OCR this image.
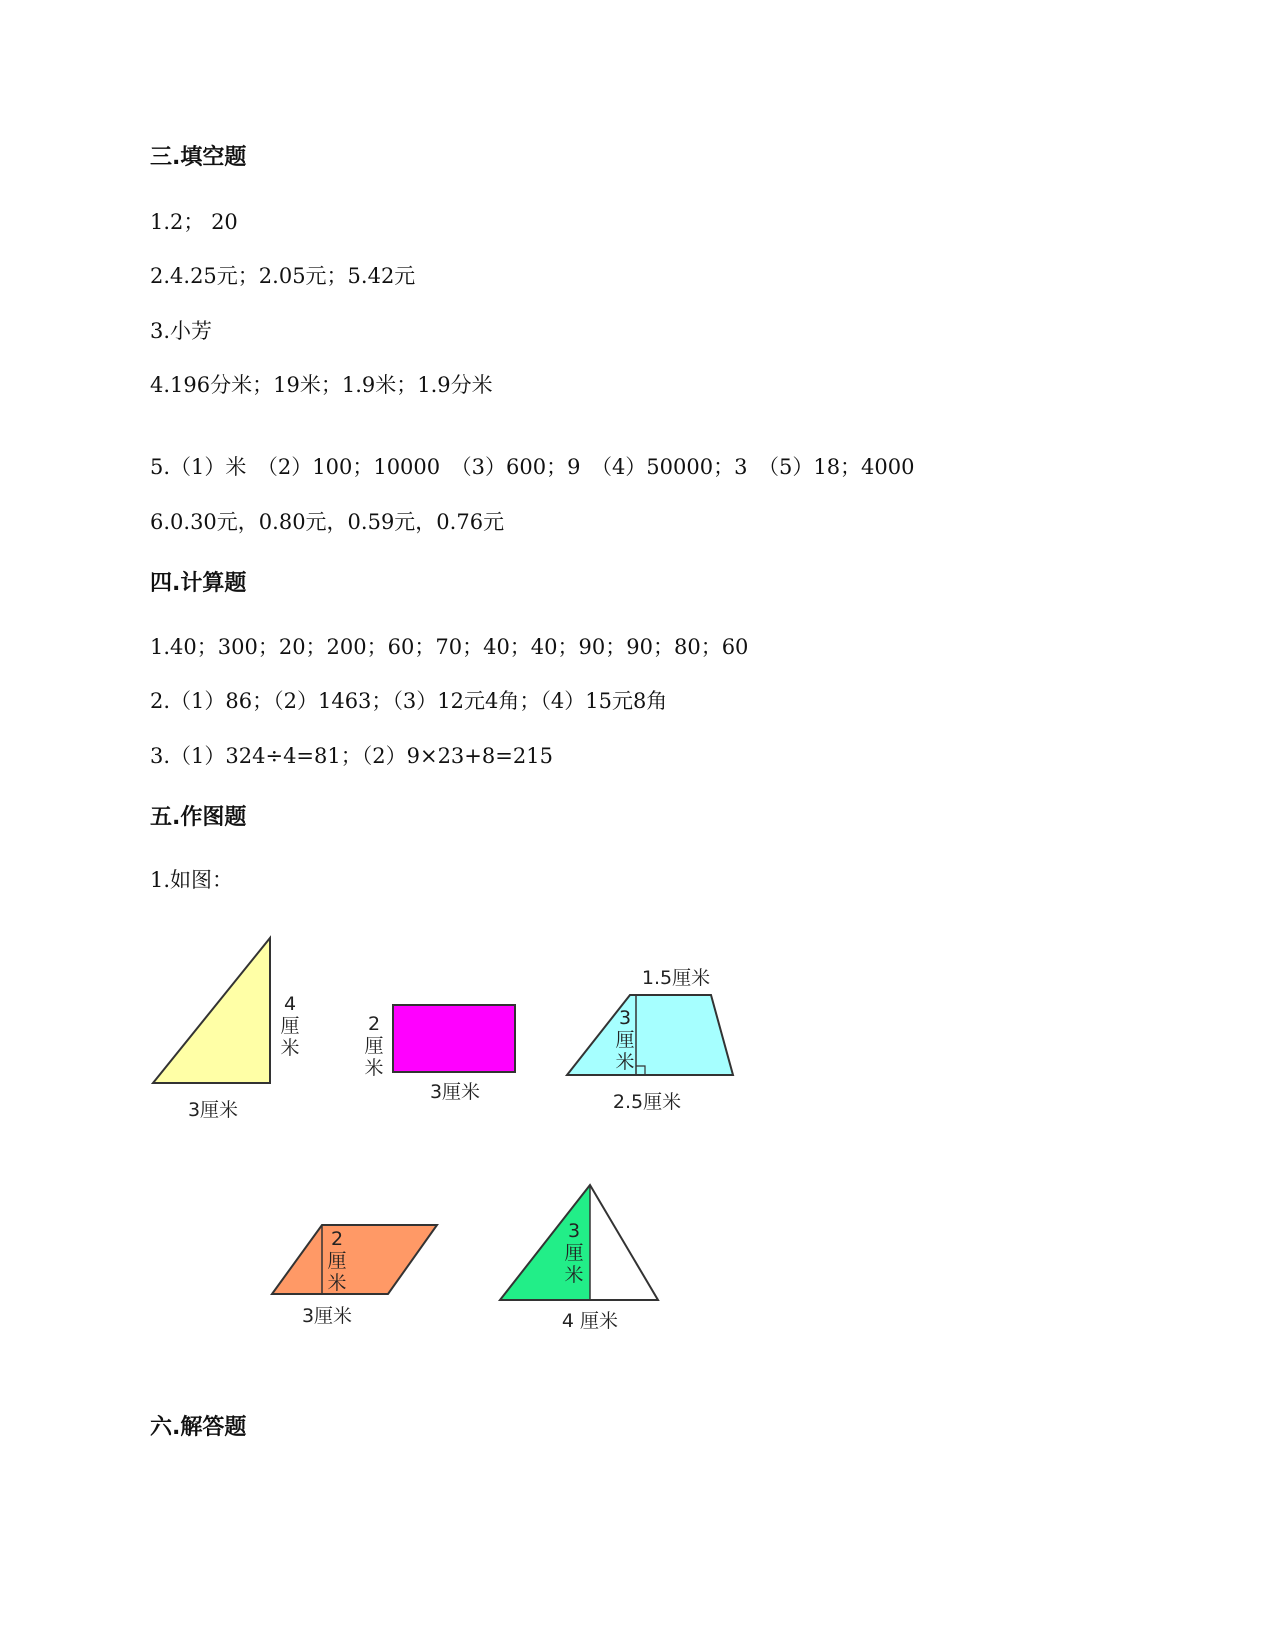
三.填空题
1.2； 20
2.4.25元；2.05元；5.42元
3.小芳
4.196分米；19米；1.9米；1.9分米
5.（1）米　（2）100；10000　（3）600；9　（4）50000；3　（5）18；4000
6.0.30元，0.80元，0.59元，0.76元
四.计算题
1.40；300；20；200；60；70；40；40；90；90；80；60
2.（1）86；（2）1463；（3）12元4角；（4）15元8角
3.（1）324÷4=81；（2）9×23+8=215
五.作图题
1.如图：
4
厘
米
3厘米
2
厘
米
3厘米
1.5厘米
3
厘
米
2.5厘米
2
厘
米
3厘米
3
厘
米
4 厘米
六.解答题
